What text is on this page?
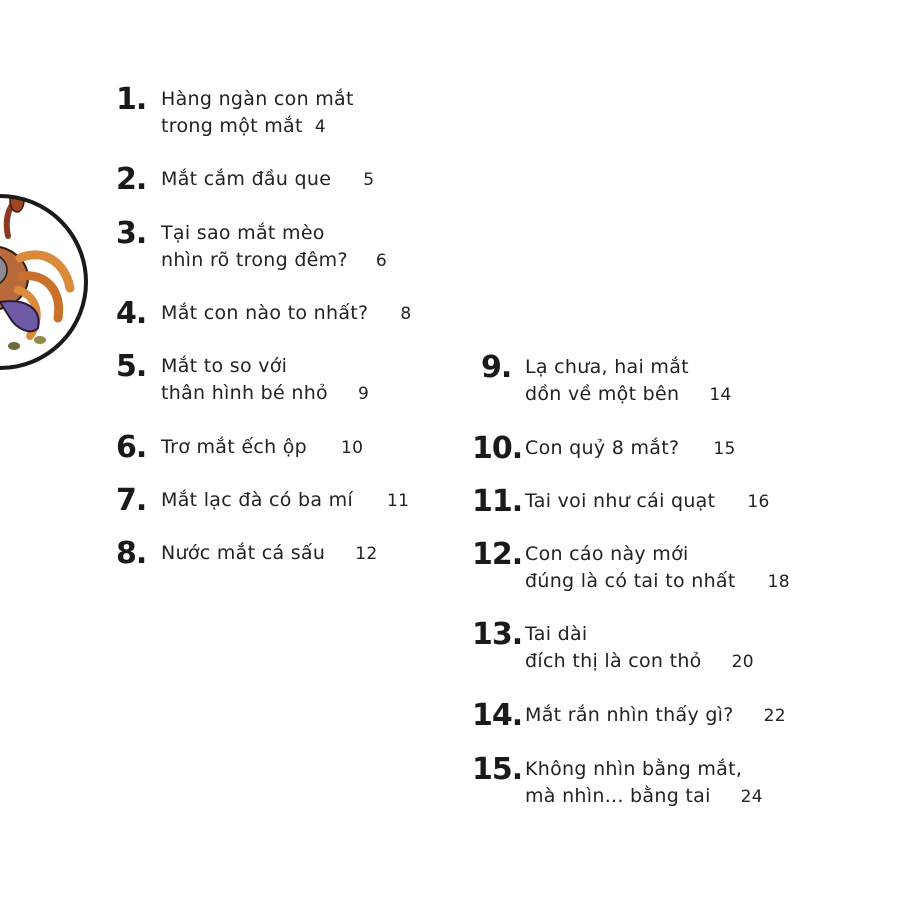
1. Hàng ngàn con mắt
trong một mắt 4
2. Mắt cắm đầu que 5
3. Tại sao mắt mèo
nhìn rõ trong đêm? 6
4. Mắt con nào to nhất? 8
5. Mắt to so với
thân hình bé nhỏ 9
6. Trơ mắt ếch ộp 10
7. Mắt lạc đà có ba mí 11
8. Nước mắt cá sấu 12
9. Lạ chưa, hai mắt
dồn về một bên 14
10. Con quỷ 8 mắt? 15
11. Tai voi như cái quạt 16
12. Con cáo này mới
đúng là có tai to nhất 18
13. Tai dài
đích thị là con thỏ 20
14. Mắt rắn nhìn thấy gì? 22
15. Không nhìn bằng mắt,
mà nhìn... bằng tai 24
